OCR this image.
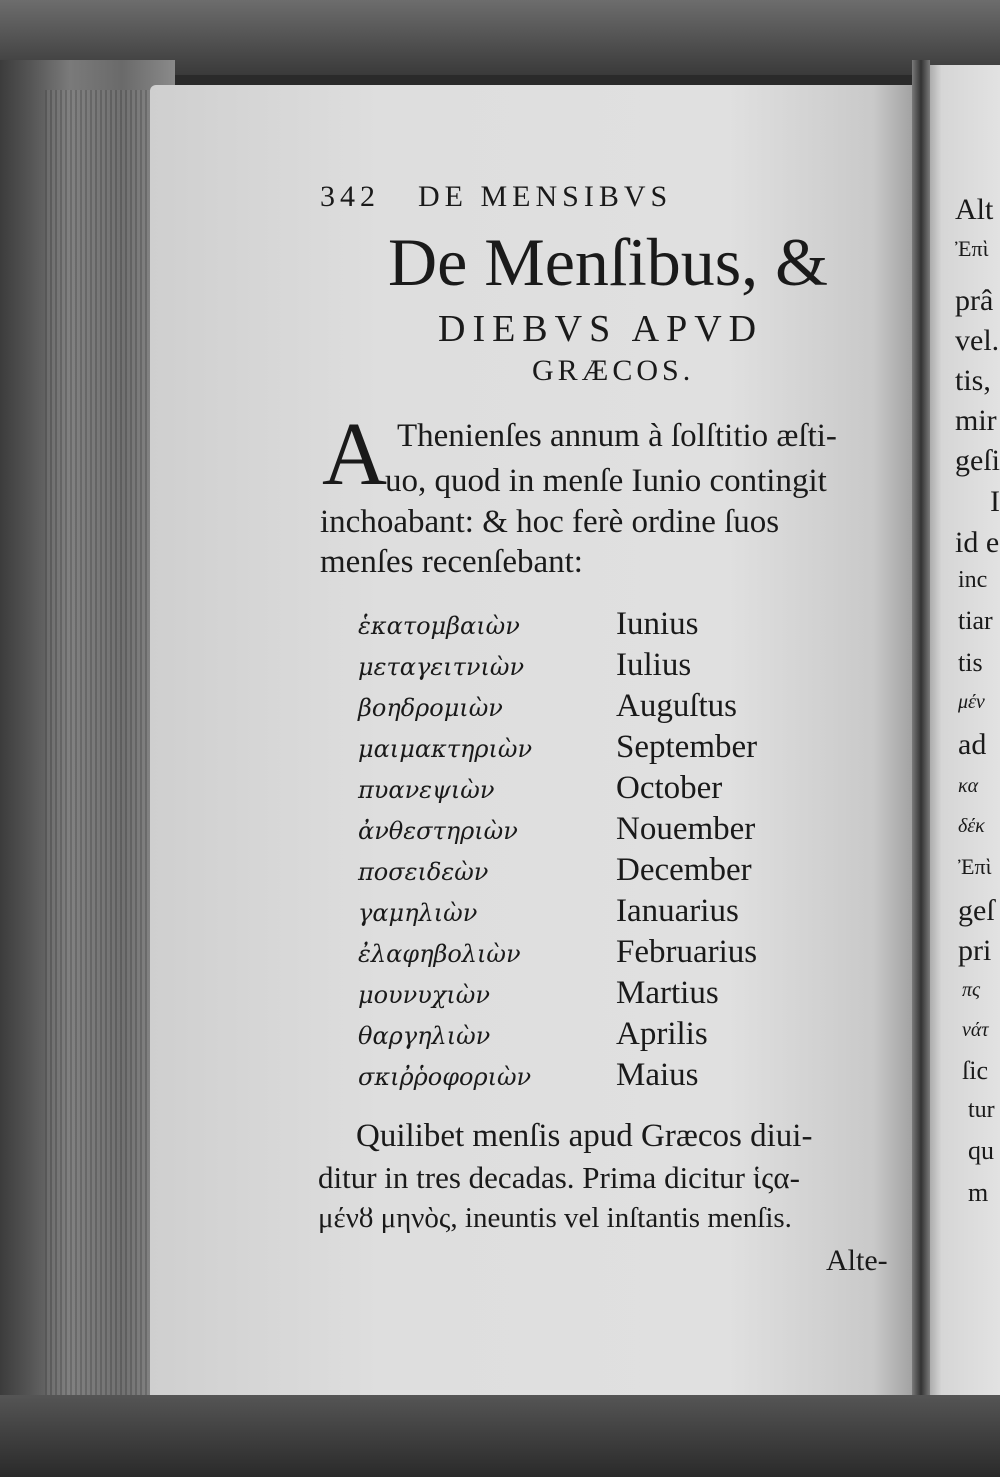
342 DE MENSIBVS
De Menſibus, &
DIEBVS APVD
GRÆCOS.
A Thenienſes annum à ſolſtitio æſti-
uo, quod in menſe Iunio contingit
inchoabant: & hoc ferè ordine ſuos
menſes recenſebant:
ἑκατομβαιὼν	Iunius
μεταγειτνιὼν	Iulius
βοηδρομιὼν	Auguſtus
μαιμακτηριὼν	September
πυανεψιὼν	October
ἀνθεστηριὼν	Nouember
ποσειδεὼν	December
γαμηλιὼν	Ianuarius
ἐλαφηβολιὼν	Februarius
μουνυχιὼν	Martius
θαργηλιὼν	Aprilis
σκιῤῥοφοριὼν	Maius
Quilibet menſis apud Græcos diui-
ditur in tres decadas. Prima dicitur ἱςα-
μένȣ μηνὸς, ineuntis vel inſtantis menſis.
Alte-
Alt
Ἐπὶ
prâ
vel.
tis,
mir
geſi
I
id e
inc
tiar
tis
μέν
ad
κα
δέκ
Ἐπὶ
geſ
pri
πς
νάτ
ſic
tur
qu
m
